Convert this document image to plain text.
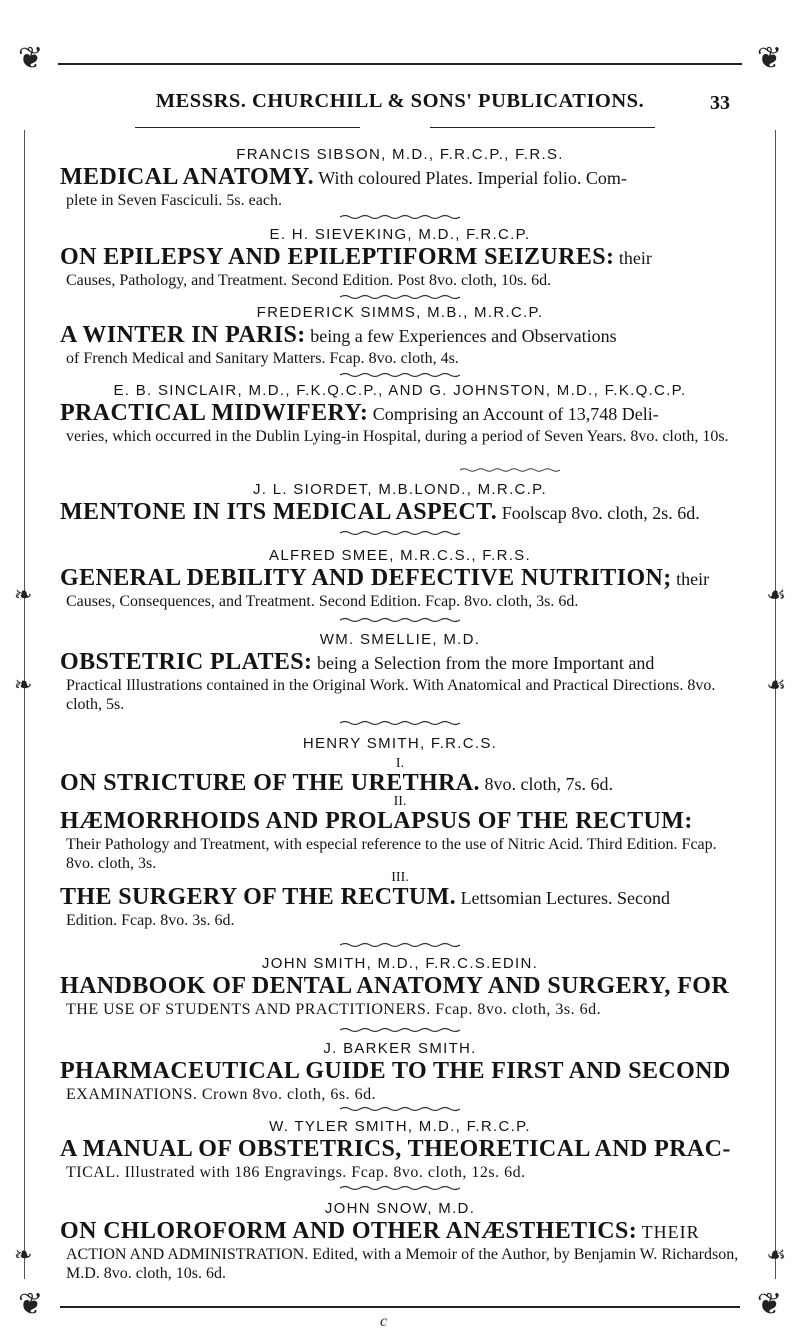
❦	❦
MESSRS. CHURCHILL & SONS' PUBLICATIONS.	33
❧
❧
☙
☙
❧	☙
FRANCIS SIBSON, M.D., F.R.C.P., F.R.S.
MEDICAL ANATOMY. With coloured Plates. Imperial folio. Com-
plete in Seven Fasciculi. 5s. each.
E. H. SIEVEKING, M.D., F.R.C.P.
ON EPILEPSY AND EPILEPTIFORM SEIZURES: their
Causes, Pathology, and Treatment. Second Edition. Post 8vo. cloth, 10s. 6d.
FREDERICK SIMMS, M.B., M.R.C.P.
A WINTER IN PARIS: being a few Experiences and Observations
of French Medical and Sanitary Matters. Fcap. 8vo. cloth, 4s.
E. B. SINCLAIR, M.D., F.K.Q.C.P., AND G. JOHNSTON, M.D., F.K.Q.C.P.
PRACTICAL MIDWIFERY: Comprising an Account of 13,748 Deli-
veries, which occurred in the Dublin Lying-in Hospital, during a period of Seven Years. 8vo. cloth, 10s.
J. L. SIORDET, M.B.LOND., M.R.C.P.
MENTONE IN ITS MEDICAL ASPECT. Foolscap 8vo. cloth, 2s. 6d.
ALFRED SMEE, M.R.C.S., F.R.S.
GENERAL DEBILITY AND DEFECTIVE NUTRITION; their
Causes, Consequences, and Treatment. Second Edition. Fcap. 8vo. cloth, 3s. 6d.
WM. SMELLIE, M.D.
OBSTETRIC PLATES: being a Selection from the more Important and
Practical Illustrations contained in the Original Work. With Anatomical and Practical Directions. 8vo. cloth, 5s.
HENRY SMITH, F.R.C.S.
I.
ON STRICTURE OF THE URETHRA. 8vo. cloth, 7s. 6d.
II.
HÆMORRHOIDS AND PROLAPSUS OF THE RECTUM:
Their Pathology and Treatment, with especial reference to the use of Nitric Acid. Third Edition. Fcap. 8vo. cloth, 3s.
III.
THE SURGERY OF THE RECTUM. Lettsomian Lectures. Second
Edition. Fcap. 8vo. 3s. 6d.
JOHN SMITH, M.D., F.R.C.S.EDIN.
HANDBOOK OF DENTAL ANATOMY AND SURGERY, FOR
THE USE OF STUDENTS AND PRACTITIONERS. Fcap. 8vo. cloth, 3s. 6d.
J. BARKER SMITH.
PHARMACEUTICAL GUIDE TO THE FIRST AND SECOND
EXAMINATIONS. Crown 8vo. cloth, 6s. 6d.
W. TYLER SMITH, M.D., F.R.C.P.
A MANUAL OF OBSTETRICS, THEORETICAL AND PRAC-
TICAL. Illustrated with 186 Engravings. Fcap. 8vo. cloth, 12s. 6d.
JOHN SNOW, M.D.
ON CHLOROFORM AND OTHER ANÆSTHETICS: THEIR
ACTION AND ADMINISTRATION. Edited, with a Memoir of the Author, by Benjamin W. Richardson, M.D. 8vo. cloth, 10s. 6d.
❦	❦
c
